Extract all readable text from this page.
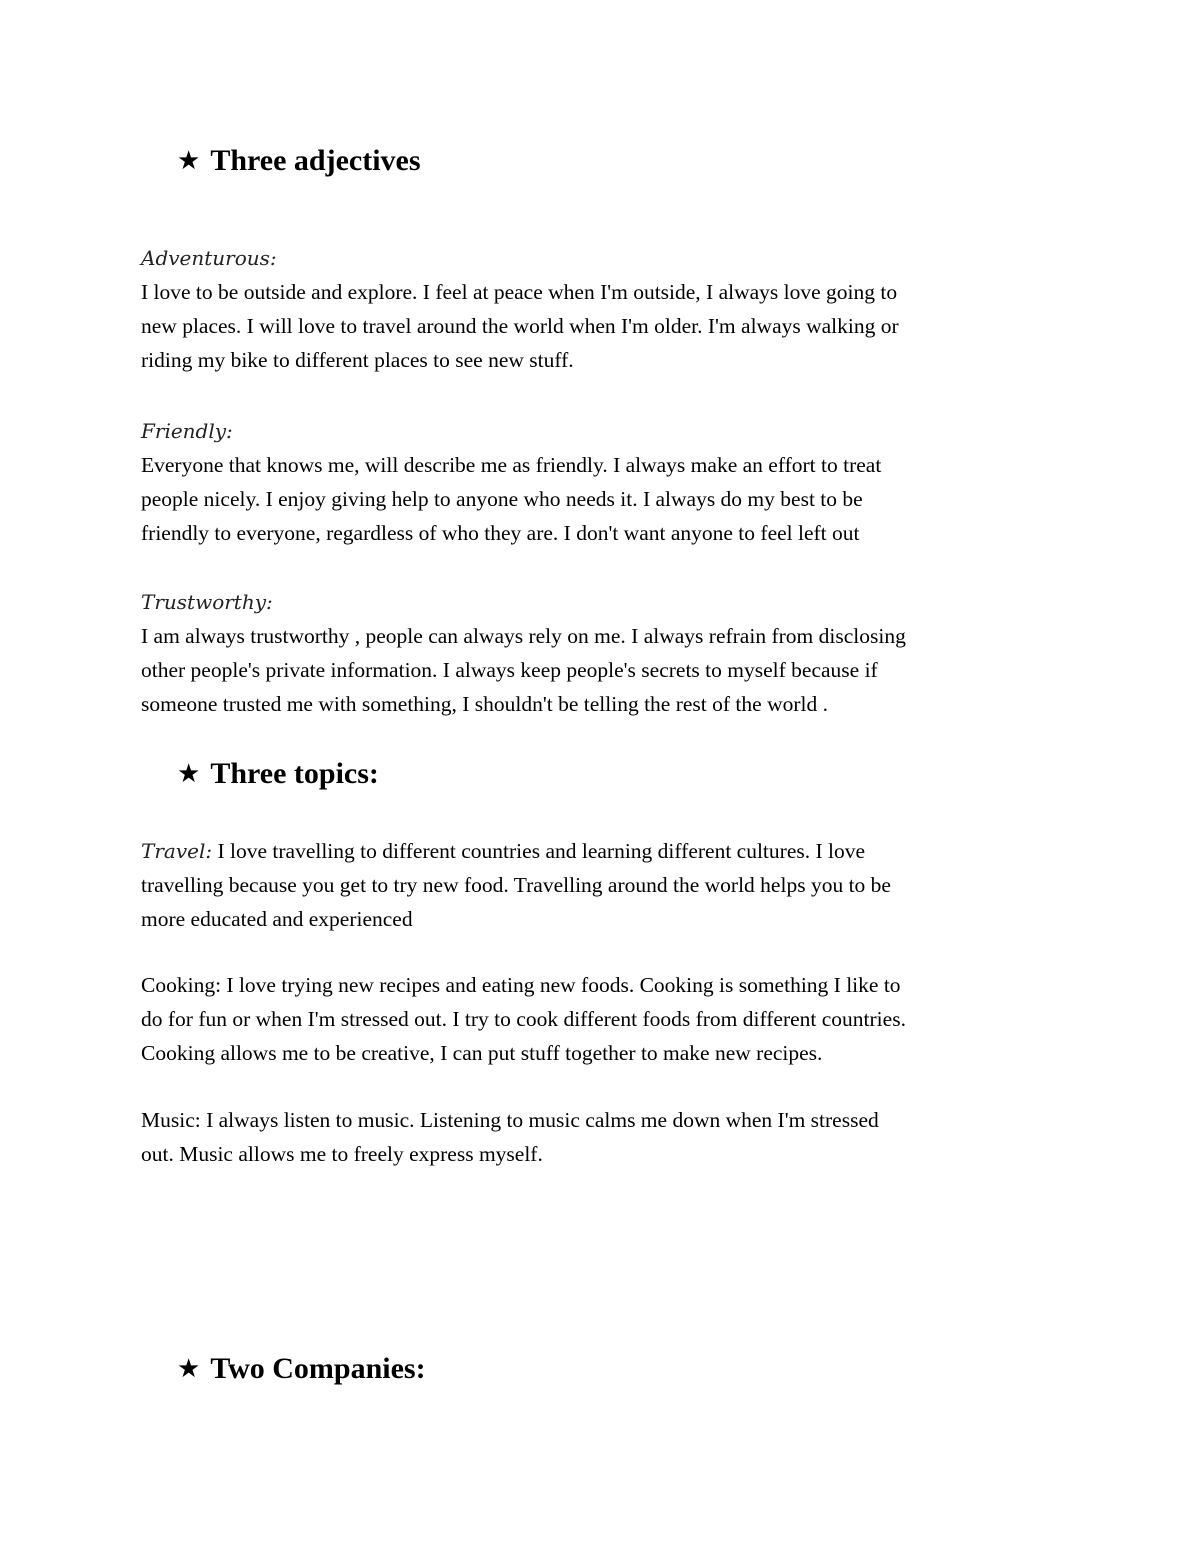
★ Three adjectives

Adventurous:

I love to be outside and explore. I feel at peace when I'm outside, I always love going to

new places. I will love to travel around the world when I'm older. I'm always walking or

riding my bike to different places to see new stuff.

Friendly:

Everyone that knows me, will describe me as friendly. I always make an effort to treat

people nicely. I enjoy giving help to anyone who needs it. I always do my best to be

friendly to everyone, regardless of who they are. I don't want anyone to feel left out

Trustworthy:

I am always trustworthy , people can always rely on me. I always refrain from disclosing

other people's private information. I always keep people's secrets to myself because if

someone trusted me with something, I shouldn't be telling the rest of the world .

★ Three topics:

Travel: I love travelling to different countries and learning different cultures. I love

travelling because you get to try new food. Travelling around the world helps you to be

more educated and experienced

Cooking: I love trying new recipes and eating new foods. Cooking is something I like to

do for fun or when I'm stressed out. I try to cook different foods from different countries.

Cooking allows me to be creative, I can put stuff together to make new recipes.

Music: I always listen to music. Listening to music calms me down when I'm stressed

out. Music allows me to freely express myself.

★ Two Companies:
